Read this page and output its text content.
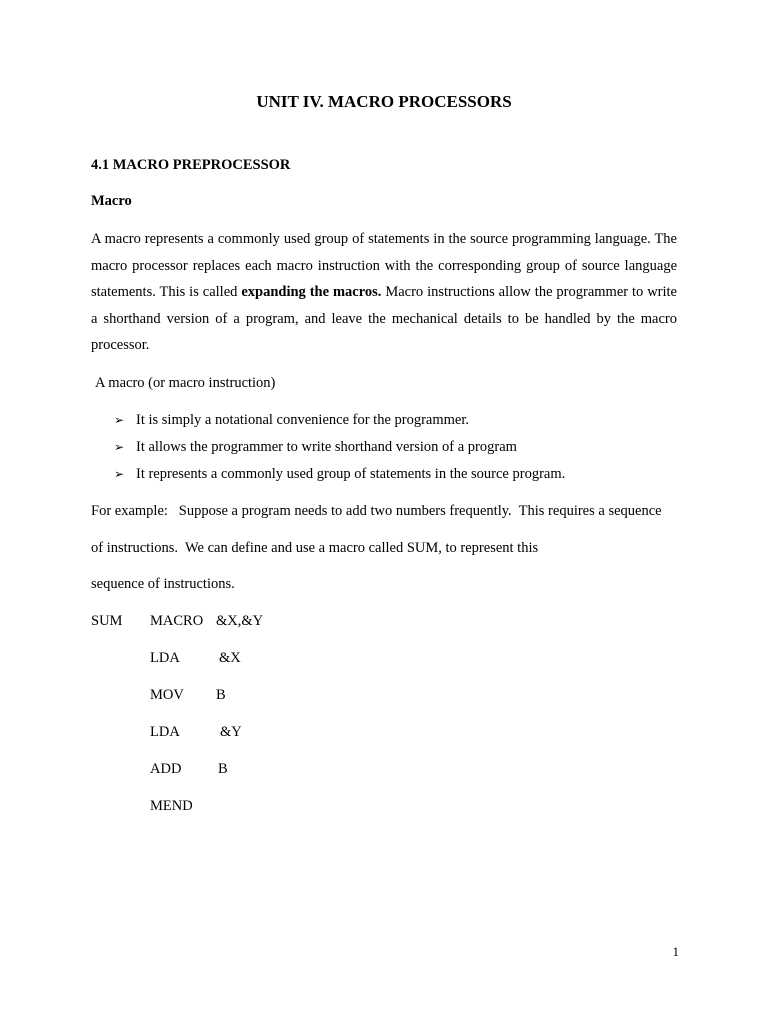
UNIT IV. MACRO PROCESSORS

4.1 MACRO PREPROCESSOR

Macro

A macro represents a commonly used group of statements in the source programming language. The macro processor replaces each macro instruction with the corresponding group of source language statements. This is called expanding the macros. Macro instructions allow the programmer to write a shorthand version of a program, and leave the mechanical details to be handled by the macro processor.

A macro (or macro instruction)

➢ It is simply a notational convenience for the programmer.
➢ It allows the programmer to write shorthand version of a program
➢ It represents a commonly used group of statements in the source program.

For example:   Suppose a program needs to add two numbers frequently.  This requires a sequence

of instructions.  We can define and use a macro called SUM, to represent this

sequence of instructions.

SUM MACRO &X,&Y
LDA	&X
MOV B
LDA	&Y
ADD	B
MEND

1
